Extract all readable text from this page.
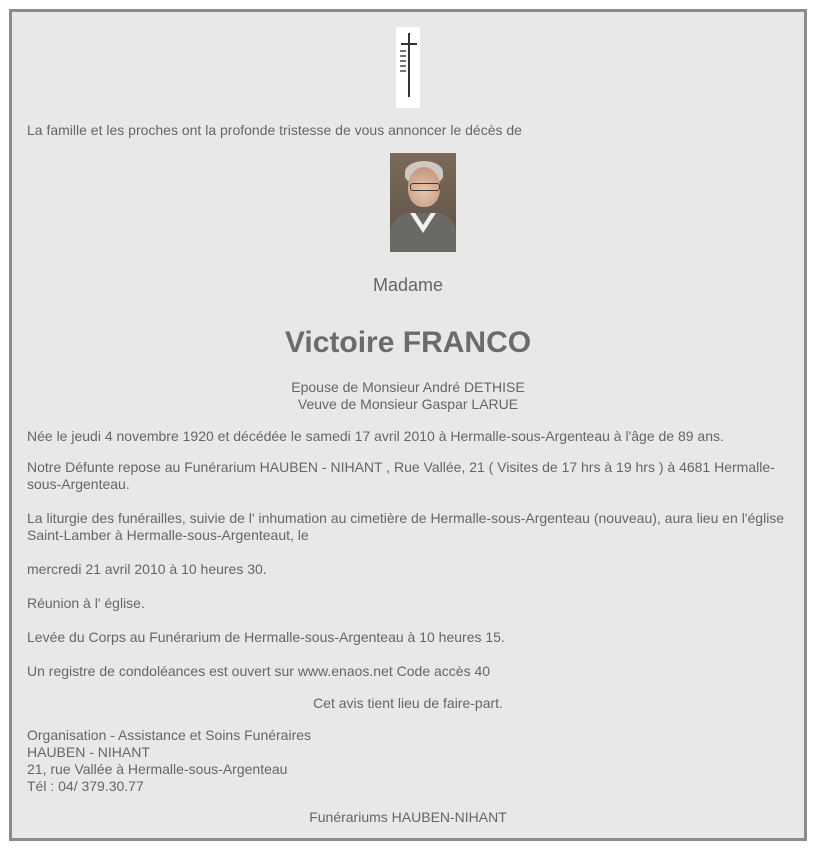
La famille et les proches ont la profonde tristesse de vous annoncer le décès de
Madame
Victoire FRANCO
Epouse de Monsieur André DETHISE
Veuve de Monsieur Gaspar LARUE
Née le jeudi 4 novembre 1920 et décédée le samedi 17 avril 2010 à Hermalle-sous-Argenteau à l'âge de 89 ans.
Notre Défunte repose au Funérarium HAUBEN - NIHANT , Rue Vallée, 21 ( Visites de 17 hrs à 19 hrs ) à 4681 Hermalle-sous-Argenteau.
La liturgie des funérailles, suivie de l' inhumation au cimetière de Hermalle-sous-Argenteau (nouveau), aura lieu en l'église Saint-Lamber à Hermalle-sous-Argenteaut, le
mercredi 21 avril 2010 à 10 heures 30.
Réunion à l' église.
Levée du Corps au Funérarium de Hermalle-sous-Argenteau à 10 heures 15.
Un registre de condoléances est ouvert sur www.enaos.net Code accès 40
Cet avis tient lieu de faire-part.
Organisation - Assistance et Soins Funéraires
HAUBEN - NIHANT
21, rue Vallée à Hermalle-sous-Argenteau
Tél : 04/ 379.30.77
Funérariums HAUBEN-NIHANT
